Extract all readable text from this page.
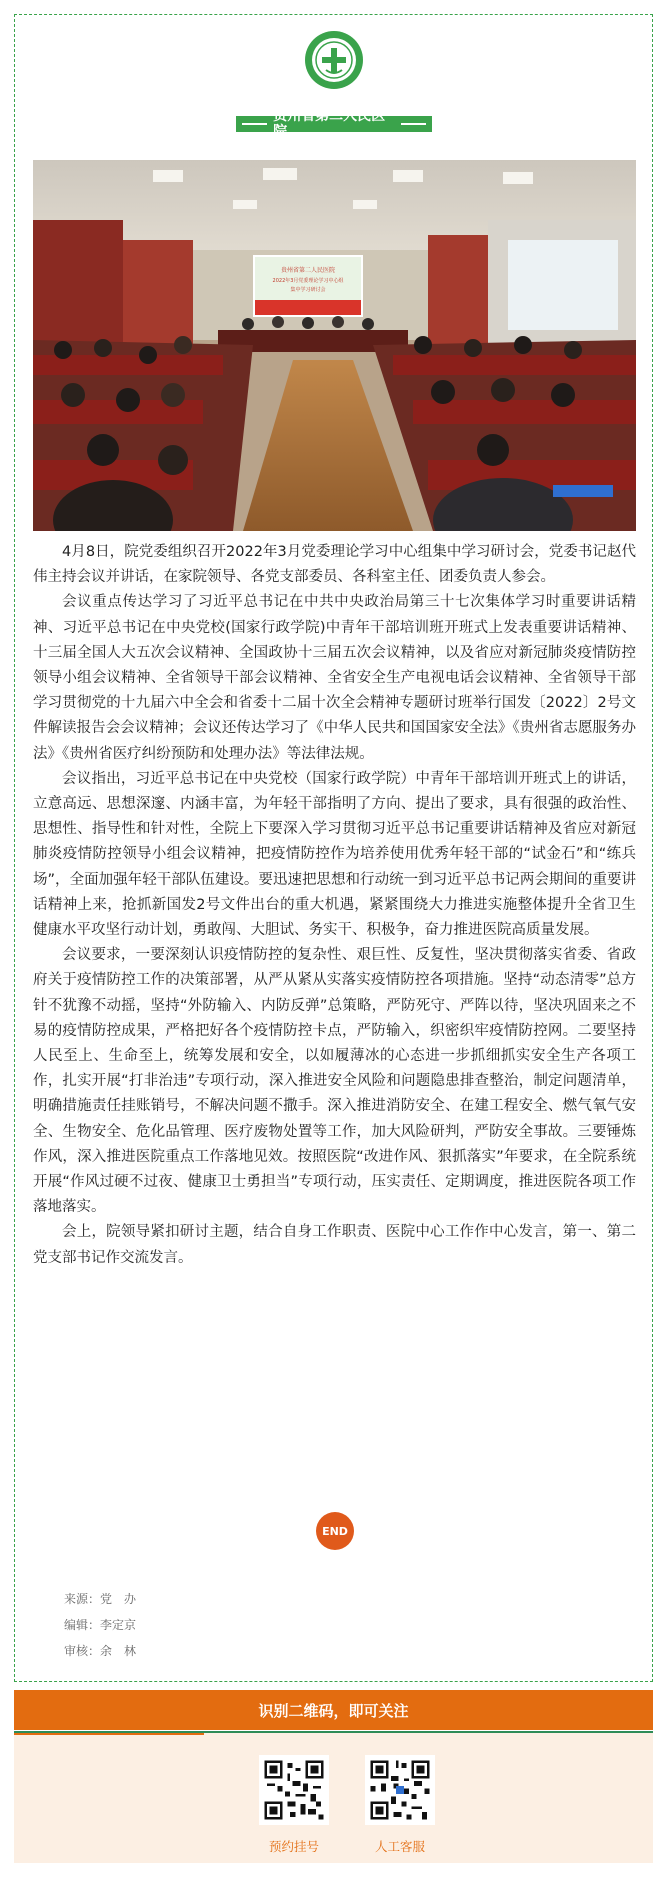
贵州省第二人民医院
贵州省第二人民医院
2022年3月党委理论学习中心组
集中学习研讨会

4月8日，院党委组织召开2022年3月党委理论学习中心组集中学习研讨会，党委书记赵代伟主持会议并讲话，在家院领导、各党支部委员、各科室主任、团委负责人参会。

会议重点传达学习了习近平总书记在中共中央政治局第三十七次集体学习时重要讲话精神、习近平总书记在中央党校(国家行政学院)中青年干部培训班开班式上发表重要讲话精神、十三届全国人大五次会议精神、全国政协十三届五次会议精神，以及省应对新冠肺炎疫情防控领导小组会议精神、全省领导干部会议精神、全省安全生产电视电话会议精神、全省领导干部学习贯彻党的十九届六中全会和省委十二届十次全会精神专题研讨班举行国发〔2022〕2号文件解读报告会会议精神；会议还传达学习了《中华人民共和国国家安全法》《贵州省志愿服务办法》《贵州省医疗纠纷预防和处理办法》等法律法规。

会议指出，习近平总书记在中央党校（国家行政学院）中青年干部培训开班式上的讲话，立意高远、思想深邃、内涵丰富，为年轻干部指明了方向、提出了要求，具有很强的政治性、思想性、指导性和针对性，全院上下要深入学习贯彻习近平总书记重要讲话精神及省应对新冠肺炎疫情防控领导小组会议精神，把疫情防控作为培养使用优秀年轻干部的“试金石”和“练兵场”，全面加强年轻干部队伍建设。要迅速把思想和行动统一到习近平总书记两会期间的重要讲话精神上来，抢抓新国发2号文件出台的重大机遇，紧紧围绕大力推进实施整体提升全省卫生健康水平攻坚行动计划，勇敢闯、大胆试、务实干、积极争，奋力推进医院高质量发展。

会议要求，一要深刻认识疫情防控的复杂性、艰巨性、反复性，坚决贯彻落实省委、省政府关于疫情防控工作的决策部署，从严从紧从实落实疫情防控各项措施。坚持“动态清零”总方针不犹豫不动摇，坚持“外防输入、内防反弹”总策略，严防死守、严阵以待，坚决巩固来之不易的疫情防控成果，严格把好各个疫情防控卡点，严防输入，织密织牢疫情防控网。二要坚持人民至上、生命至上，统筹发展和安全，以如履薄冰的心态进一步抓细抓实安全生产各项工作，扎实开展“打非治违”专项行动，深入推进安全风险和问题隐患排查整治，制定问题清单，明确措施责任挂账销号，不解决问题不撒手。深入推进消防安全、在建工程安全、燃气氧气安全、生物安全、危化品管理、医疗废物处置等工作，加大风险研判，严防安全事故。三要锤炼作风，深入推进医院重点工作落地见效。按照医院“改进作风、狠抓落实”年要求，在全院系统开展“作风过硬不过夜、健康卫士勇担当”专项行动，压实责任、定期调度，推进医院各项工作落地落实。

会上，院领导紧扣研讨主题，结合自身工作职责、医院中心工作作中心发言，第一、第二党支部书记作交流发言。

END
来源：党　办
编辑：李定京
审核：余　林
识别二维码，即可关注
预约挂号	人工客服
